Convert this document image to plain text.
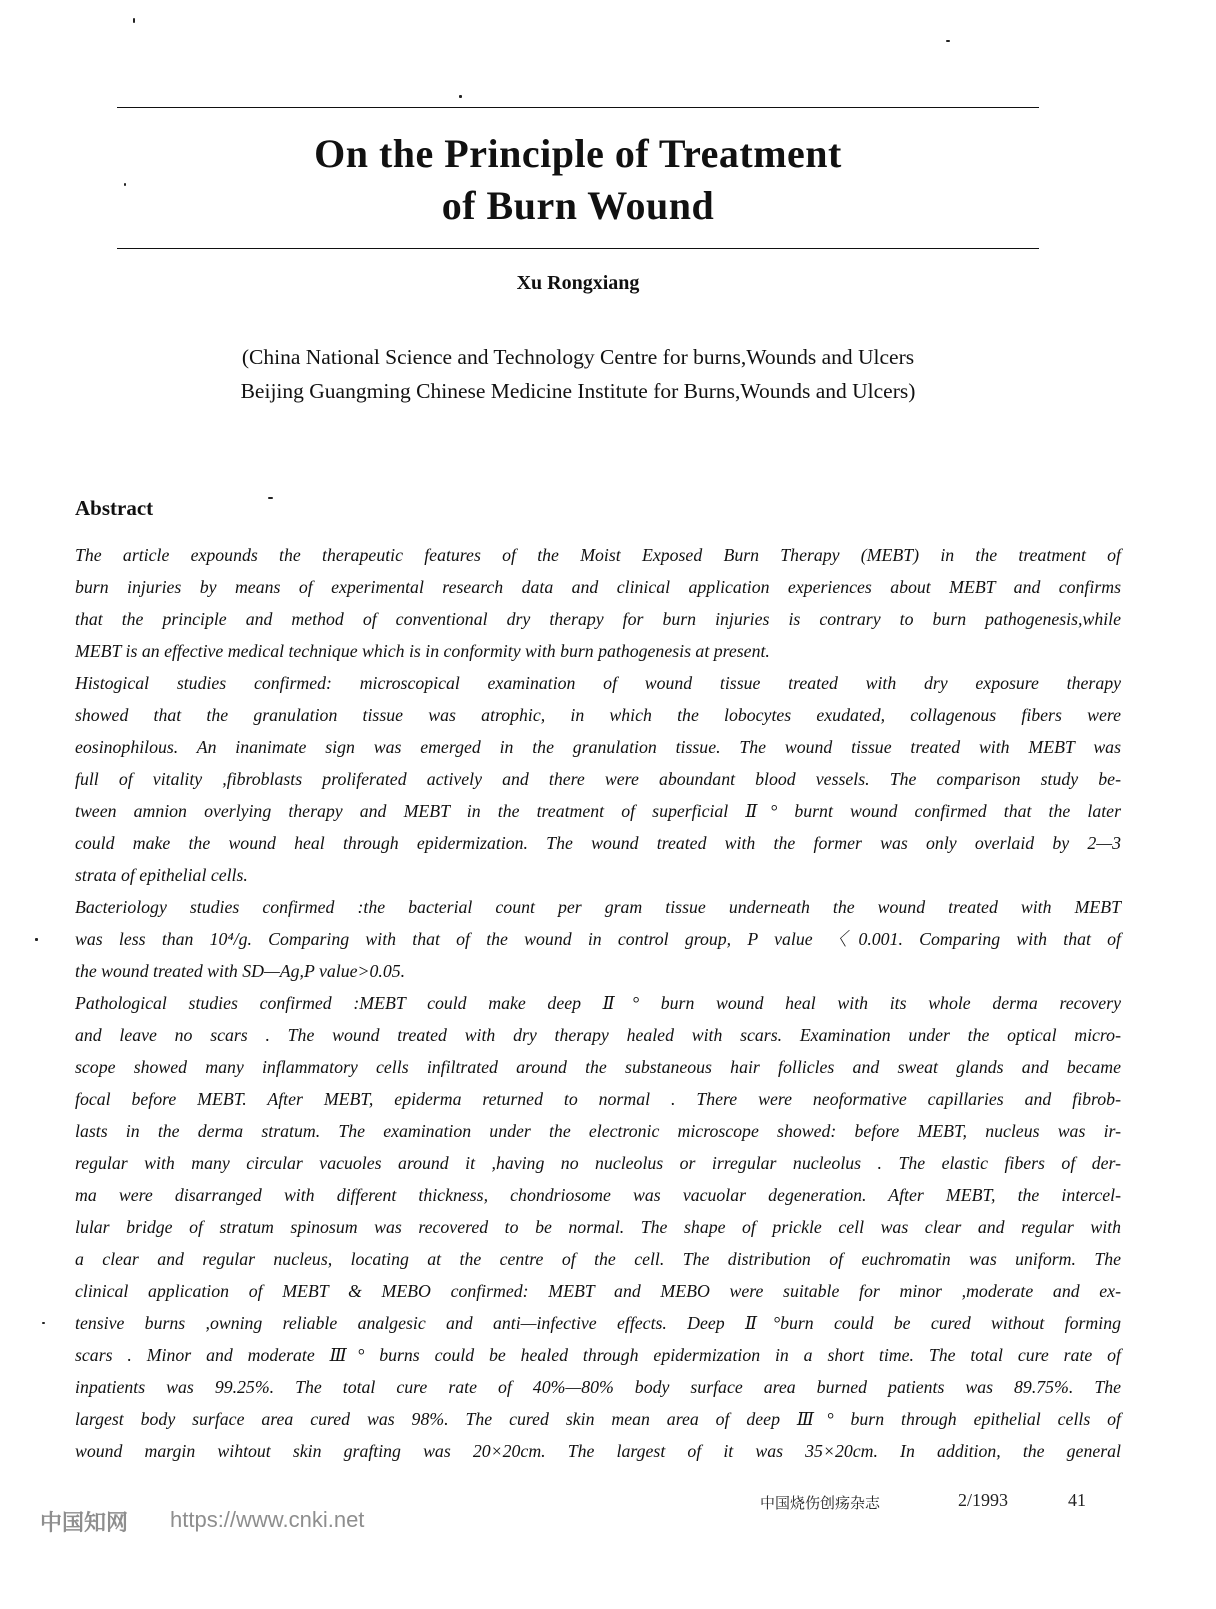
On the Principle of Treatment
of Burn Wound
Xu Rongxiang
(China National Science and Technology Centre for burns,Wounds and Ulcers
Beijing Guangming Chinese Medicine Institute for Burns,Wounds and Ulcers)
Abstract
The article expounds the therapeutic features of the Moist Exposed Burn Therapy (MEBT) in the treatment of
burn injuries by means of experimental research data and clinical application experiences about MEBT and confirms
that the principle and method of conventional dry therapy for burn injuries is contrary to burn pathogenesis,while
MEBT is an effective medical technique which is in conformity with burn pathogenesis at present.
Histogical studies confirmed: microscopical examination of wound tissue treated with dry exposure therapy
showed that the granulation tissue was atrophic, in which the lobocytes exudated, collagenous fibers were
eosinophilous. An inanimate sign was emerged in the granulation tissue. The wound tissue treated with MEBT was
full of vitality ,fibroblasts proliferated actively and there were aboundant blood vessels. The comparison study be-
tween amnion overlying therapy and MEBT in the treatment of superficial Ⅱ° burnt wound confirmed that the later
could make the wound heal through epidermization. The wound treated with the former was only overlaid by 2—3
strata of epithelial cells.
Bacteriology studies confirmed :the bacterial count per gram tissue underneath the wound treated with MEBT
was less than 10⁴/g. Comparing with that of the wound in control group, P value 〈0.001. Comparing with that of
the wound treated with SD—Ag,P value>0.05.
Pathological studies confirmed :MEBT could make deep Ⅱ° burn wound heal with its whole derma recovery
and leave no scars . The wound treated with dry therapy healed with scars. Examination under the optical micro-
scope showed many inflammatory cells infiltrated around the substaneous hair follicles and sweat glands and became
focal before MEBT. After MEBT, epiderma returned to normal . There were neoformative capillaries and fibrob-
lasts in the derma stratum. The examination under the electronic microscope showed: before MEBT, nucleus was ir-
regular with many circular vacuoles around it ,having no nucleolus or irregular nucleolus . The elastic fibers of der-
ma were disarranged with different thickness, chondriosome was vacuolar degeneration. After MEBT, the intercel-
lular bridge of stratum spinosum was recovered to be normal. The shape of prickle cell was clear and regular with
a clear and regular nucleus, locating at the centre of the cell. The distribution of euchromatin was uniform. The
clinical application of MEBT & MEBO confirmed: MEBT and MEBO were suitable for minor ,moderate and ex-
tensive burns ,owning reliable analgesic and anti—infective effects. Deep Ⅱ°burn could be cured without forming
scars . Minor and moderate Ⅲ° burns could be healed through epidermization in a short time. The total cure rate of
inpatients was 99.25%. The total cure rate of 40%—80% body surface area burned patients was 89.75%. The
largest body surface area cured was 98%. The cured skin mean area of deep Ⅲ° burn through epithelial cells of
wound margin wihtout skin grafting was 20×20cm. The largest of it was 35×20cm. In addition, the general
中国烧伤创疡杂志	2/1993	41
中国知网 https://www.cnki.net
